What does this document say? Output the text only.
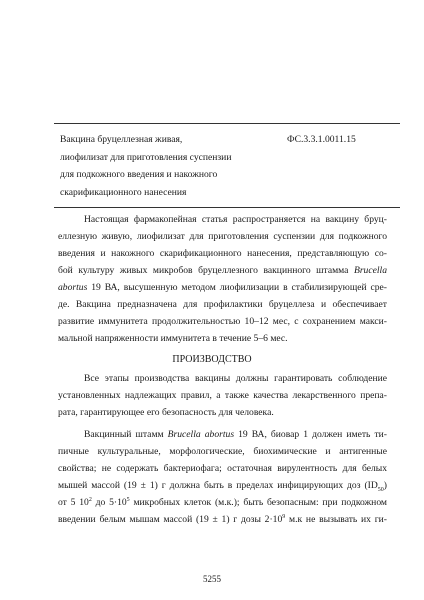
Вакцина бруцеллезная живая,
лиофилизат для приготовления суспензии
для подкожного введения и накожного
скарификационного нанесения
ФС.3.3.1.0011.15
Настоящая фармакопейная статья распространяется на вакцину бруц-
еллезную живую, лиофилизат для приготовления суспензии для подкожного
введения и накожного скарификационного нанесения, представляющую со-
бой культуру живых микробов бруцеллезного вакцинного штамма Brucella
abortus 19 ВА, высушенную методом лиофилизации в стабилизирующей сре-
де. Вакцина предназначена для профилактики бруцеллеза и обеспечивает
развитие иммунитета продолжительностью 10–12 мес, с сохранением макси-
мальной напряженности иммунитета в течение 5–6 мес.
ПРОИЗВОДСТВО
Все этапы производства вакцины должны гарантировать соблюдение
установленных надлежащих правил, а также качества лекарственного препа-
рата, гарантирующее его безопасность для человека.
Вакцинный штамм Brucella abortus 19 ВА, биовар 1 должен иметь ти-
пичные культуральные, морфологические, биохимические и антигенные
свойства; не содержать бактериофага; остаточная вирулентность для белых
мышей массой (19 ± 1) г должна быть в пределах инфицирующих доз $(ID_{50})$
от 5 $10^2$ до $5\cdot 10^5$ микробных клеток (м.к.); быть безопасным: при подкожном
введении белым мышам массой (19 ± 1) г дозы $2\cdot 10^9$ м.к не вызывать их ги-
5255
